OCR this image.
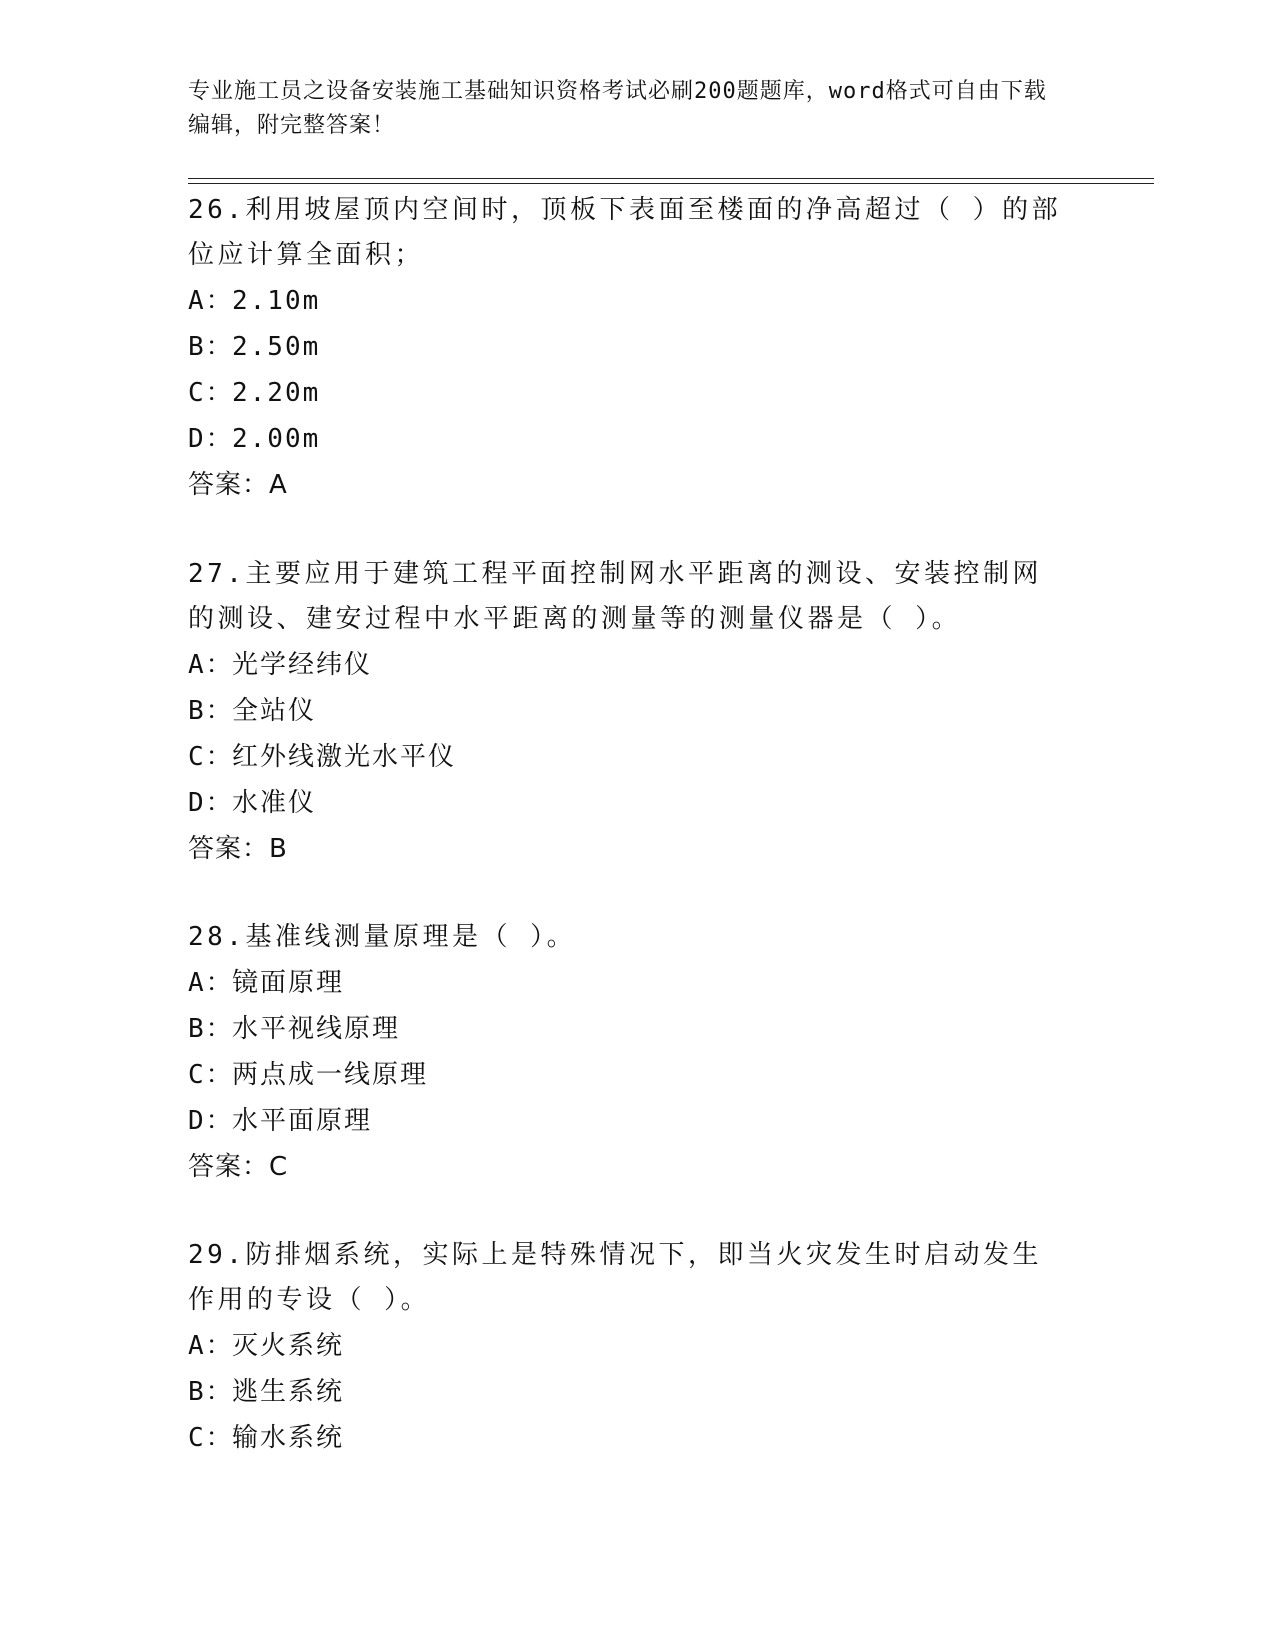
专业施工员之设备安装施工基础知识资格考试必刷200题题库，word格式可自由下载编辑，附完整答案！

26.利用坡屋顶内空间时，顶板下表面至楼面的净高超过（ ）的部位应计算全面积；

A：2.10m

B：2.50m

C：2.20m

D：2.00m

答案：A

27.主要应用于建筑工程平面控制网水平距离的测设、安装控制网的测设、建安过程中水平距离的测量等的测量仪器是（ ）。

A：光学经纬仪

B：全站仪

C：红外线激光水平仪

D：水准仪

答案：B

28.基准线测量原理是（ ）。

A：镜面原理

B：水平视线原理

C：两点成一线原理

D：水平面原理

答案：C

29.防排烟系统，实际上是特殊情况下，即当火灾发生时启动发生作用的专设（ ）。

A：灭火系统

B：逃生系统

C：输水系统
